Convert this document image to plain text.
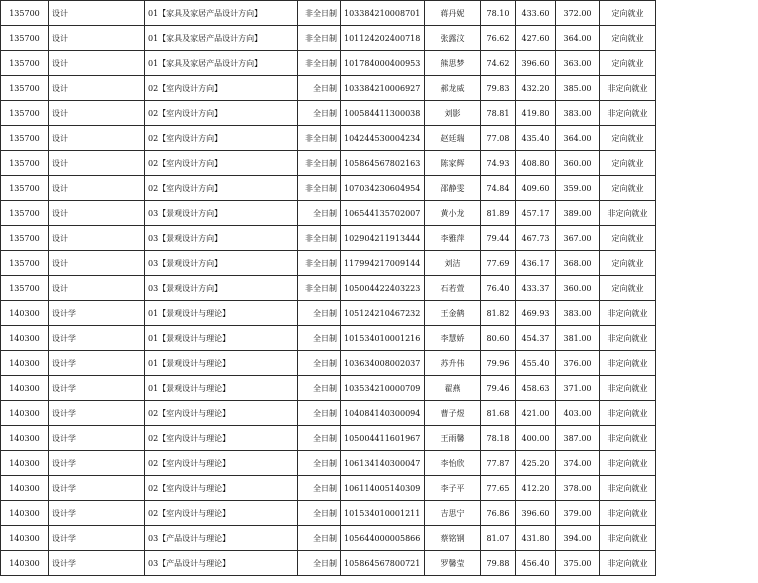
135700	设计	01【家具及家居产品设计方向】	非全日制	103384210008701	蒋丹妮	78.10	433.60	372.00	定向就业	
135700	设计	01【家具及家居产品设计方向】	非全日制	101124202400718	张露汶	76.62	427.60	364.00	定向就业	
135700	设计	01【家具及家居产品设计方向】	非全日制	101784000400953	熊思梦	74.62	396.60	363.00	定向就业	
135700	设计	02【室内设计方向】	全日制	103384210006927	郝龙威	79.83	432.20	385.00	非定向就业	
135700	设计	02【室内设计方向】	全日制	100584411300038	刘影	78.81	419.80	383.00	非定向就业	
135700	设计	02【室内设计方向】	非全日制	104244530004234	赵廷瑞	77.08	435.40	364.00	定向就业	
135700	设计	02【室内设计方向】	非全日制	105864567802163	陈家辉	74.93	408.80	360.00	定向就业	
135700	设计	02【室内设计方向】	非全日制	107034230604954	邵静雯	74.84	409.60	359.00	定向就业	
135700	设计	03【景观设计方向】	全日制	106544135702007	黄小龙	81.89	457.17	389.00	非定向就业	
135700	设计	03【景观设计方向】	非全日制	102904211913444	李雅萍	79.44	467.73	367.00	定向就业	
135700	设计	03【景观设计方向】	非全日制	117994217009144	刘洁	77.69	436.17	368.00	定向就业	
135700	设计	03【景观设计方向】	非全日制	105004422403223	石若萱	76.40	433.37	360.00	定向就业	
140300	设计学	01【景观设计与理论】	全日制	105124210467232	王金鹤	81.82	469.93	383.00	非定向就业	
140300	设计学	01【景观设计与理论】	全日制	101534010001216	李慧娇	80.60	454.37	381.00	非定向就业	
140300	设计学	01【景观设计与理论】	全日制	103634008002037	苏升伟	79.96	455.40	376.00	非定向就业	
140300	设计学	01【景观设计与理论】	全日制	103534210000709	翟燕	79.46	458.63	371.00	非定向就业	
140300	设计学	02【室内设计与理论】	全日制	104084140300094	曹子煜	81.68	421.00	403.00	非定向就业	
140300	设计学	02【室内设计与理论】	全日制	105004411601967	王雨馨	78.18	400.00	387.00	非定向就业	
140300	设计学	02【室内设计与理论】	全日制	106134140300047	李怡欣	77.87	425.20	374.00	非定向就业	
140300	设计学	02【室内设计与理论】	全日制	106114005140309	李子平	77.65	412.20	378.00	非定向就业	
140300	设计学	02【室内设计与理论】	全日制	101534010001211	吉思宁	76.86	396.60	379.00	非定向就业	
140300	设计学	03【产品设计与理论】	全日制	105644000005866	蔡铭钢	81.07	431.80	394.00	非定向就业	
140300	设计学	03【产品设计与理论】	全日制	105864567800721	罗馨莹	79.88	456.40	375.00	非定向就业	
